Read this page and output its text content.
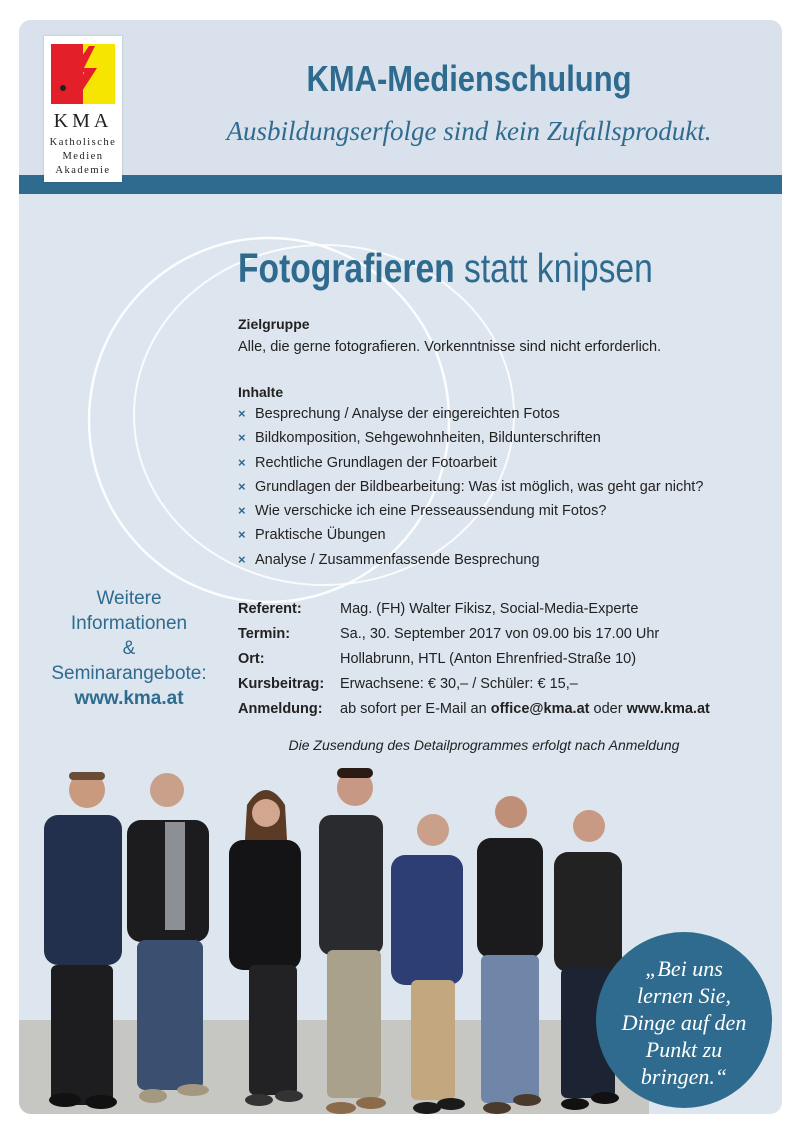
KMA
Katholische
Medien
Akademie
KMA-Medienschulung
Ausbildungserfolge sind kein Zufallsprodukt.
Fotografieren statt knipsen
Zielgruppe
Alle, die gerne fotografieren. Vorkenntnisse sind nicht erforderlich.
Inhalte
× Besprechung / Analyse der eingereichten Fotos
× Bildkomposition, Sehgewohnheiten, Bildunterschriften
× Rechtliche Grundlagen der Fotoarbeit
× Grundlagen der Bildbearbeitung: Was ist möglich, was geht gar nicht?
× Wie verschicke ich eine Presseaussendung mit Fotos?
× Praktische Übungen
× Analyse / Zusammenfassende Besprechung
Weitere
Informationen
&
Seminarangebote:
www.kma.at
Referent:	Mag. (FH) Walter Fikisz, Social-Media-Experte
Termin:	Sa., 30. September 2017 von 09.00 bis 17.00 Uhr
Ort:	Hollabrunn, HTL (Anton Ehrenfried-Straße 10)
Kursbeitrag: Erwachsene: € 30,– / Schüler: € 15,–
Anmeldung: ab sofort per E-Mail an office@kma.at oder www.kma.at
Die Zusendung des Detailprogrammes erfolgt nach Anmeldung
„Bei uns
lernen Sie,
Dinge auf den
Punkt zu
bringen.“
